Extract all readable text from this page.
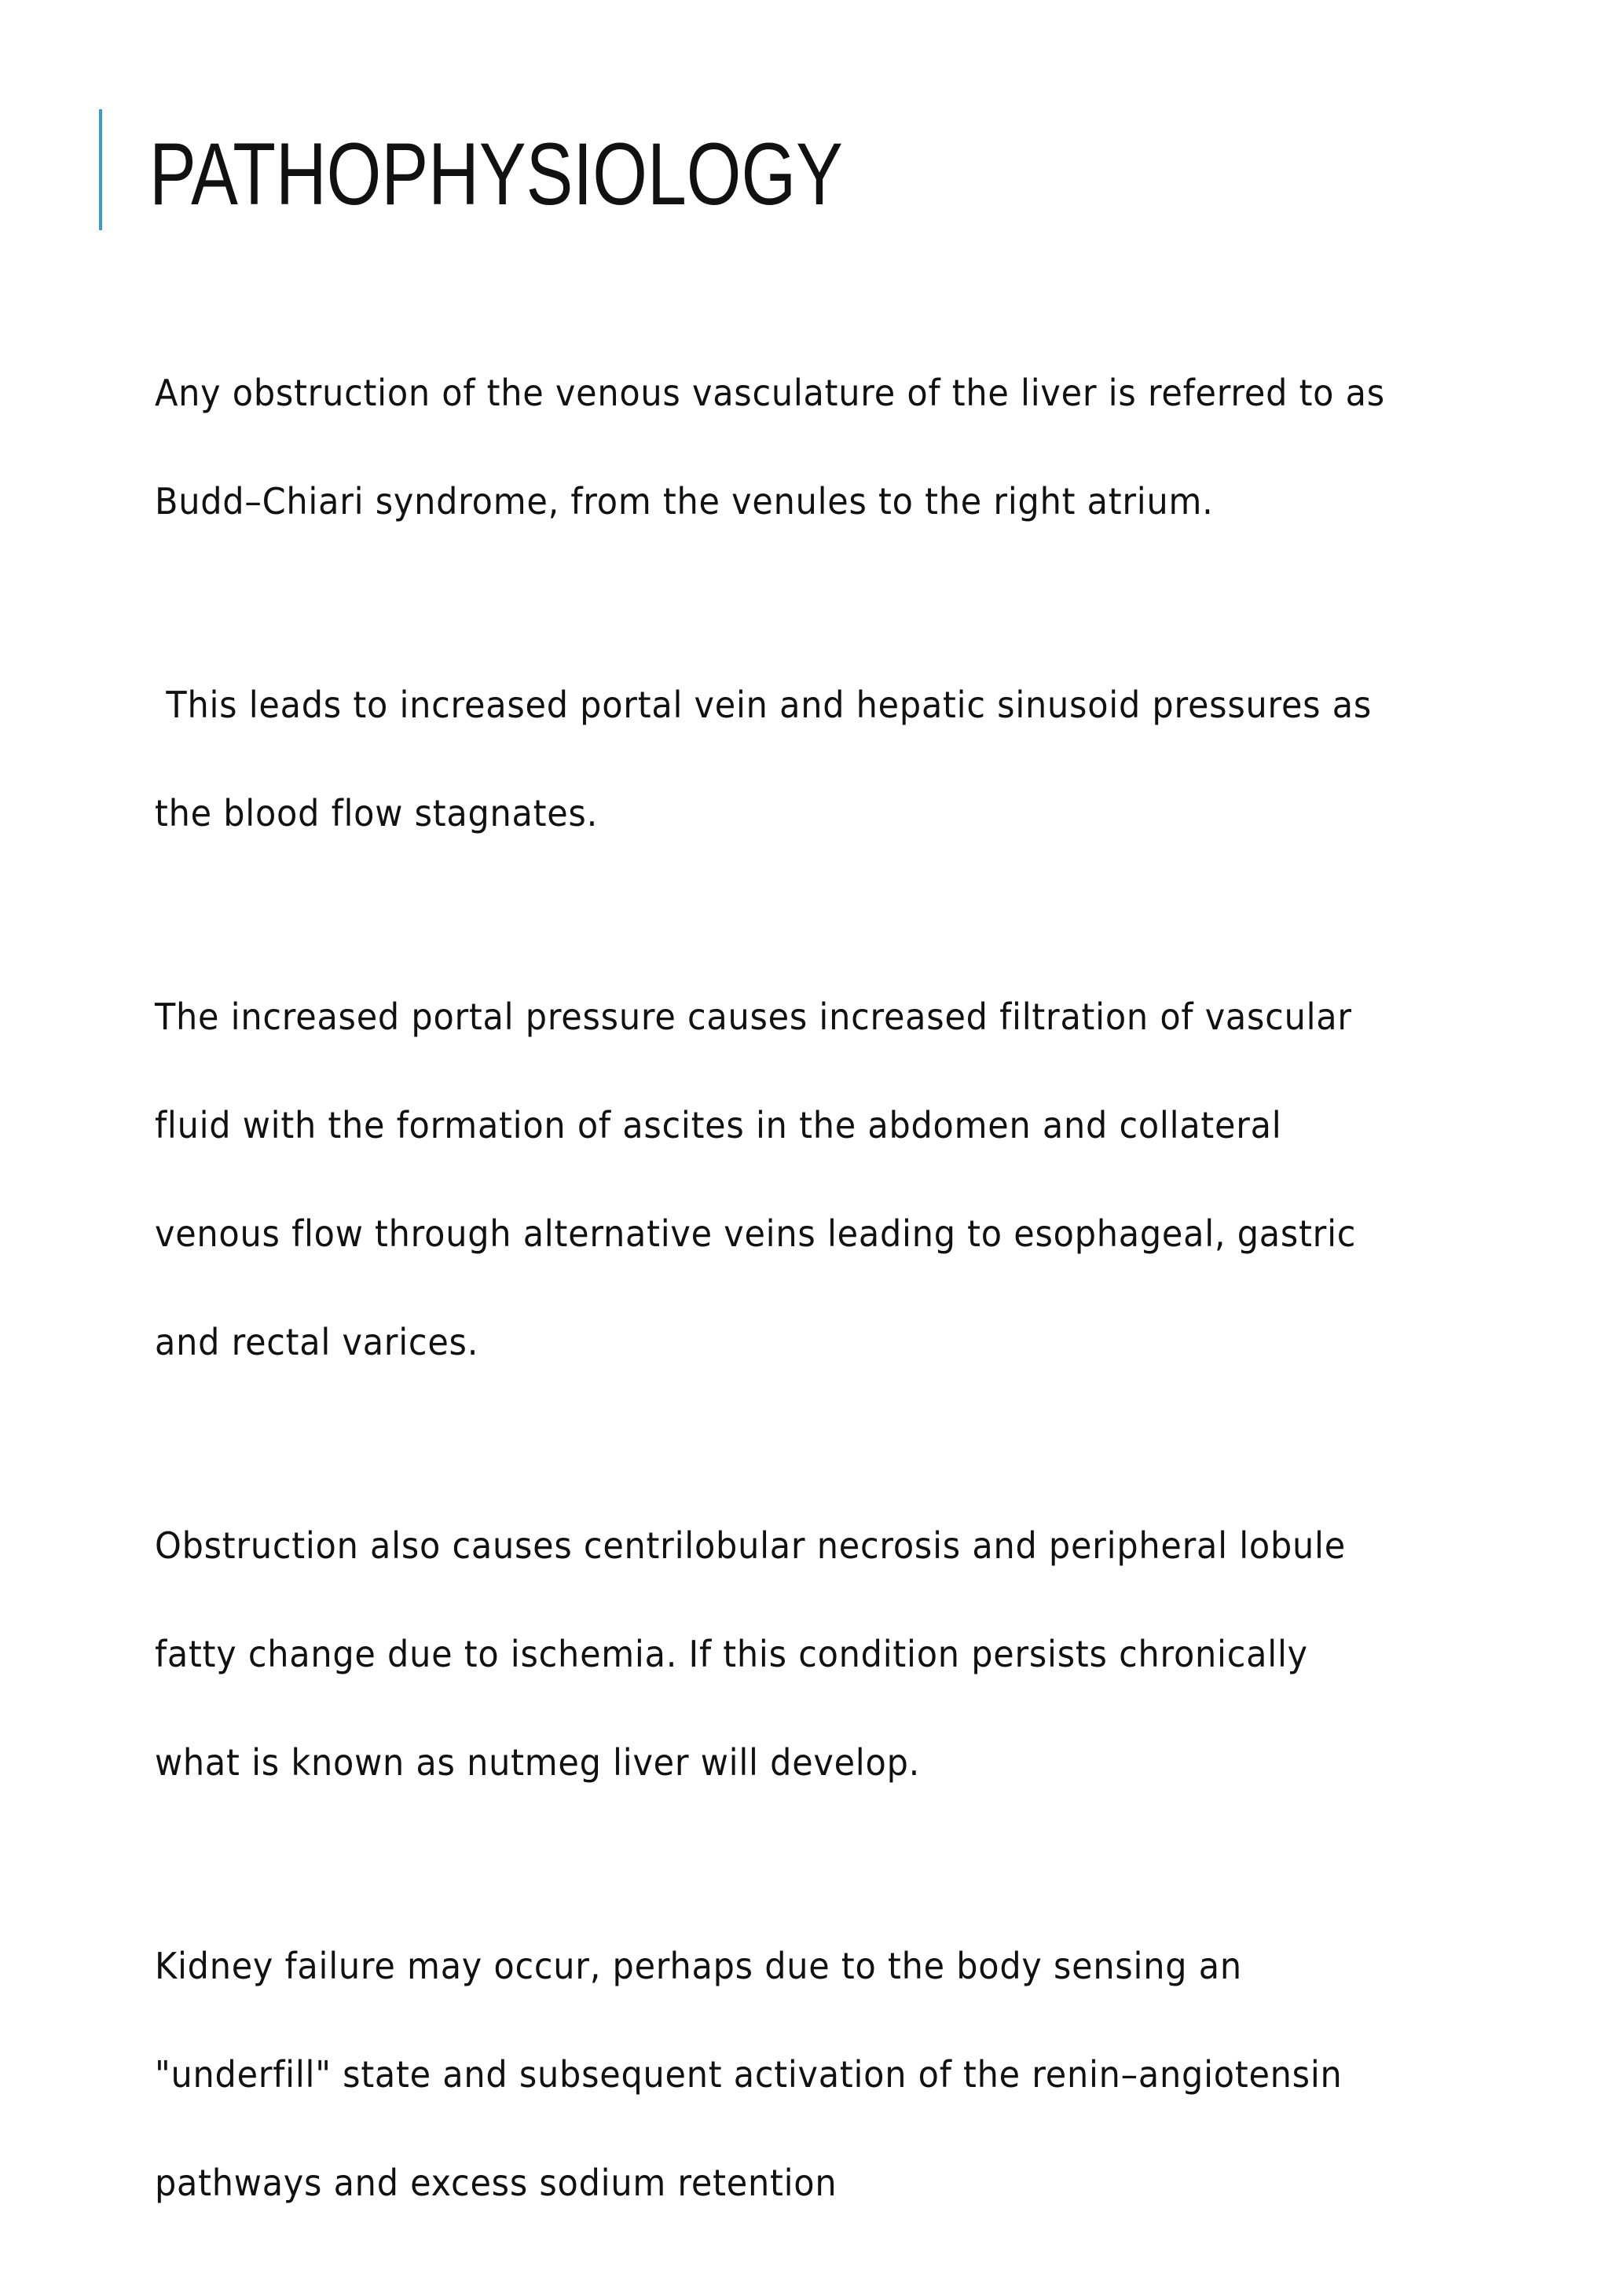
PATHOPHYSIOLOGY

Any obstruction of the venous vasculature of the liver is referred to as

Budd–Chiari syndrome, from the venules to the right atrium.

This leads to increased portal vein and hepatic sinusoid pressures as

the blood flow stagnates.

The increased portal pressure causes increased filtration of vascular

fluid with the formation of ascites in the abdomen and collateral

venous flow through alternative veins leading to esophageal, gastric

and rectal varices.

Obstruction also causes centrilobular necrosis and peripheral lobule

fatty change due to ischemia. If this condition persists chronically

what is known as nutmeg liver will develop.

Kidney failure may occur, perhaps due to the body sensing an

"underfill" state and subsequent activation of the renin–angiotensin

pathways and excess sodium retention
